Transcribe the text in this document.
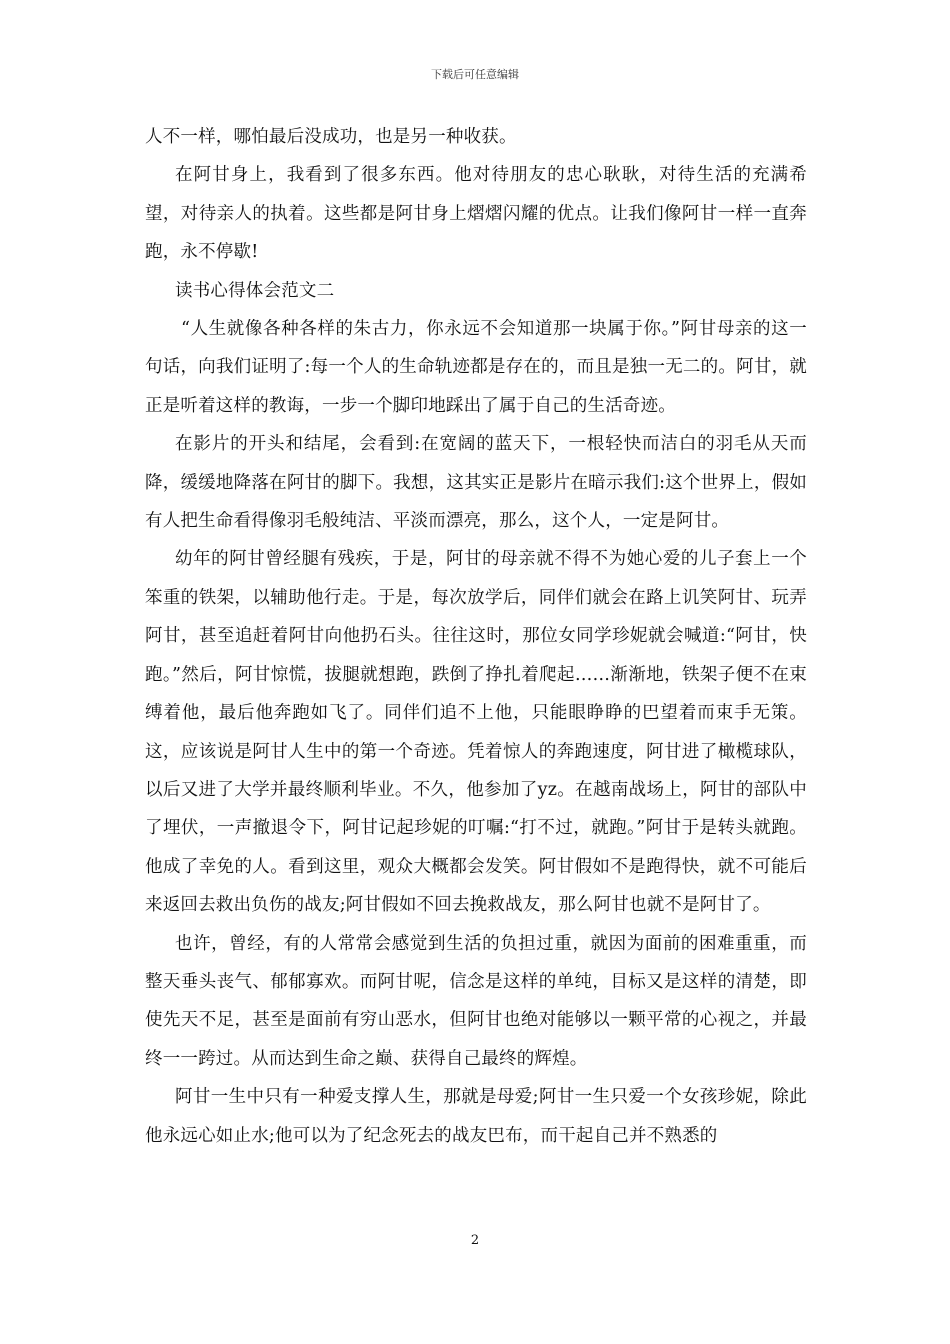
下载后可任意编辑

人不一样，哪怕最后没成功，也是另一种收获。

在阿甘身上，我看到了很多东西。他对待朋友的忠心耿耿，对待生活的充满希望，对待亲人的执着。这些都是阿甘身上熠熠闪耀的优点。让我们像阿甘一样一直奔跑，永不停歇!

读书心得体会范文二

“人生就像各种各样的朱古力，你永远不会知道那一块属于你。”阿甘母亲的这一句话，向我们证明了:每一个人的生命轨迹都是存在的，而且是独一无二的。阿甘，就正是听着这样的教诲，一步一个脚印地踩出了属于自己的生活奇迹。

在影片的开头和结尾，会看到:在宽阔的蓝天下，一根轻快而洁白的羽毛从天而降，缓缓地降落在阿甘的脚下。我想，这其实正是影片在暗示我们:这个世界上，假如有人把生命看得像羽毛般纯洁、平淡而漂亮，那么，这个人，一定是阿甘。

幼年的阿甘曾经腿有残疾，于是，阿甘的母亲就不得不为她心爱的儿子套上一个笨重的铁架，以辅助他行走。于是，每次放学后，同伴们就会在路上讥笑阿甘、玩弄阿甘，甚至追赶着阿甘向他扔石头。往往这时，那位女同学珍妮就会喊道:“阿甘，快跑。”然后，阿甘惊慌，拔腿就想跑，跌倒了挣扎着爬起……渐渐地，铁架子便不在束缚着他，最后他奔跑如飞了。同伴们追不上他，只能眼睁睁的巴望着而束手无策。这，应该说是阿甘人生中的第一个奇迹。凭着惊人的奔跑速度，阿甘进了橄榄球队，以后又进了大学并最终顺利毕业。不久，他参加了yz。在越南战场上，阿甘的部队中了埋伏，一声撤退令下，阿甘记起珍妮的叮嘱:“打不过，就跑。”阿甘于是转头就跑。他成了幸免的人。看到这里，观众大概都会发笑。阿甘假如不是跑得快，就不可能后来返回去救出负伤的战友;阿甘假如不回去挽救战友，那么阿甘也就不是阿甘了。

也许，曾经，有的人常常会感觉到生活的负担过重，就因为面前的困难重重，而整天垂头丧气、郁郁寡欢。而阿甘呢，信念是这样的单纯，目标又是这样的清楚，即使先天不足，甚至是面前有穷山恶水，但阿甘也绝对能够以一颗平常的心视之，并最终一一跨过。从而达到生命之巅、获得自己最终的辉煌。

阿甘一生中只有一种爱支撑人生，那就是母爱;阿甘一生只爱一个女孩珍妮，除此他永远心如止水;他可以为了纪念死去的战友巴布，而干起自己并不熟悉的

2
